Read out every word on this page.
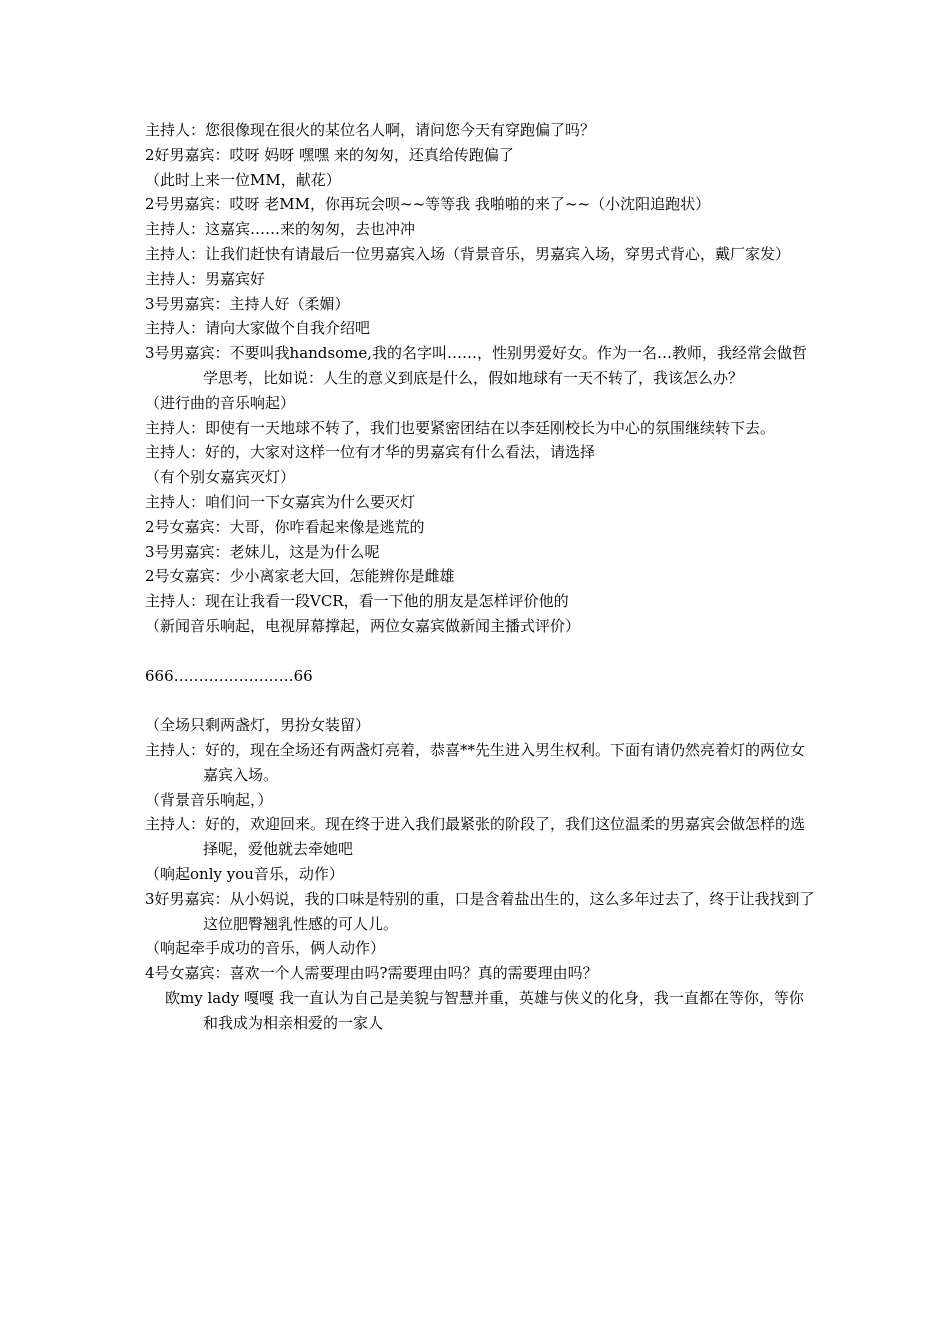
主持人：您很像现在很火的某位名人啊，请问您今天有穿跑偏了吗？
2好男嘉宾：哎呀 妈呀 嘿嘿 来的匆匆，还真给传跑偏了
（此时上来一位MM，献花）
2号男嘉宾：哎呀 老MM，你再玩会呗~~等等我 我啪啪的来了~~（小沈阳追跑状）
主持人：这嘉宾……来的匆匆，去也冲冲
主持人：让我们赶快有请最后一位男嘉宾入场（背景音乐，男嘉宾入场，穿男式背心，戴厂家发）
主持人：男嘉宾好
3号男嘉宾：主持人好（柔媚）
主持人：请向大家做个自我介绍吧
3号男嘉宾：不要叫我handsome,我的名字叫……，性别男爱好女。作为一名…教师，我经常会做哲学思考，比如说：人生的意义到底是什么，假如地球有一天不转了，我该怎么办？
（进行曲的音乐响起）
主持人：即使有一天地球不转了，我们也要紧密团结在以李廷刚校长为中心的氛围继续转下去。
主持人：好的，大家对这样一位有才华的男嘉宾有什么看法，请选择
（有个别女嘉宾灭灯）
主持人：咱们问一下女嘉宾为什么要灭灯
2号女嘉宾：大哥，你咋看起来像是逃荒的
3号男嘉宾：老妹儿，这是为什么呢
2号女嘉宾：少小离家老大回，怎能辨你是雌雄
主持人：现在让我看一段VCR，看一下他的朋友是怎样评价他的
（新闻音乐响起，电视屏幕撑起，两位女嘉宾做新闻主播式评价）
666……………………66
（全场只剩两盏灯，男扮女装留）
主持人：好的，现在全场还有两盏灯亮着，恭喜**先生进入男生权利。下面有请仍然亮着灯的两位女嘉宾入场。
（背景音乐响起，）
主持人：好的，欢迎回来。现在终于进入我们最紧张的阶段了，我们这位温柔的男嘉宾会做怎样的选择呢，爱他就去牵她吧
（响起only you音乐，动作）
3好男嘉宾：从小妈说，我的口味是特别的重，口是含着盐出生的，这么多年过去了，终于让我找到了这位肥臀翘乳性感的可人儿。
（响起牵手成功的音乐，俩人动作）
4号女嘉宾：喜欢一个人需要理由吗?需要理由吗？真的需要理由吗？
欧my lady 嘎嘎 我一直认为自己是美貌与智慧并重，英雄与侠义的化身，我一直都在等你，等你和我成为相亲相爱的一家人
